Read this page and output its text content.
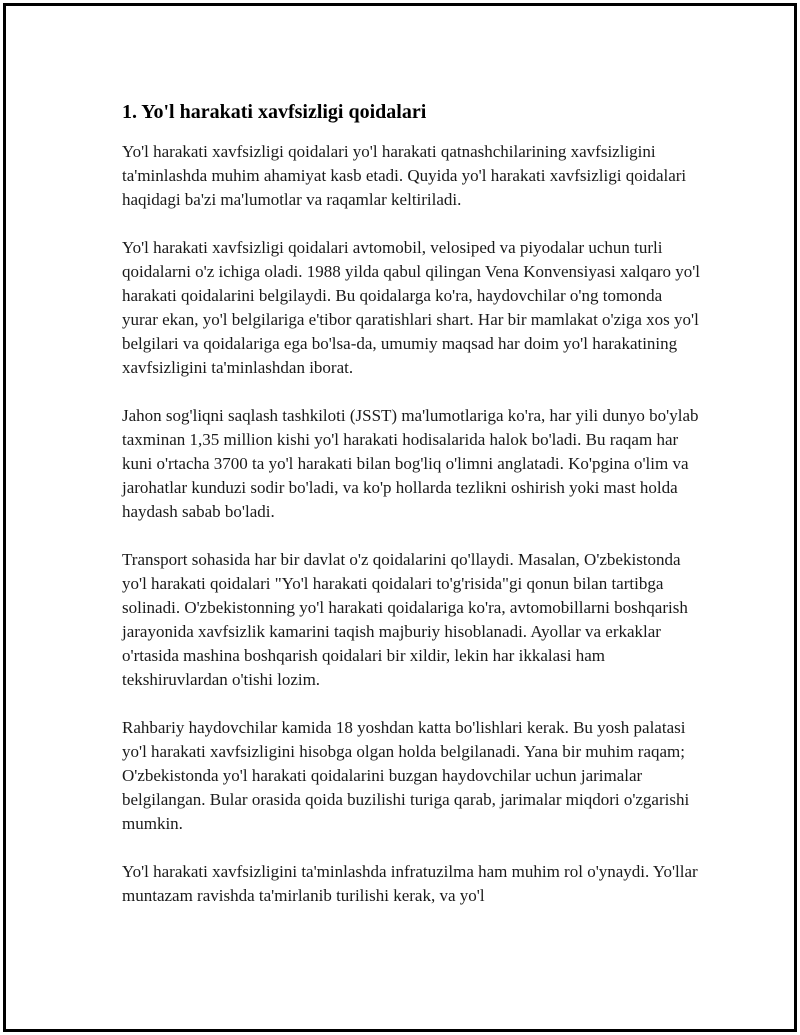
1. Yo'l harakati xavfsizligi qoidalari

Yo'l harakati xavfsizligi qoidalari yo'l harakati qatnashchilarining xavfsizligini ta'minlashda muhim ahamiyat kasb etadi. Quyida yo'l harakati xavfsizligi qoidalari haqidagi ba'zi ma'lumotlar va raqamlar keltiriladi.

Yo'l harakati xavfsizligi qoidalari avtomobil, velosiped va piyodalar uchun turli qoidalarni o'z ichiga oladi. 1988 yilda qabul qilingan Vena Konvensiyasi xalqaro yo'l harakati qoidalarini belgilaydi. Bu qoidalarga ko'ra, haydovchilar o'ng tomonda yurar ekan, yo'l belgilariga e'tibor qaratishlari shart. Har bir mamlakat o'ziga xos yo'l belgilari va qoidalariga ega bo'lsa-da, umumiy maqsad har doim yo'l harakatining xavfsizligini ta'minlashdan iborat.

Jahon sog'liqni saqlash tashkiloti (JSST) ma'lumotlariga ko'ra, har yili dunyo bo'ylab taxminan 1,35 million kishi yo'l harakati hodisalarida halok bo'ladi. Bu raqam har kuni o'rtacha 3700 ta yo'l harakati bilan bog'liq o'limni anglatadi. Ko'pgina o'lim va jarohatlar kunduzi sodir bo'ladi, va ko'p hollarda tezlikni oshirish yoki mast holda haydash sabab bo'ladi.

Transport sohasida har bir davlat o'z qoidalarini qo'llaydi. Masalan, O'zbekistonda yo'l harakati qoidalari "Yo'l harakati qoidalari to'g'risida"gi qonun bilan tartibga solinadi. O'zbekistonning yo'l harakati qoidalariga ko'ra, avtomobillarni boshqarish jarayonida xavfsizlik kamarini taqish majburiy hisoblanadi. Ayollar va erkaklar o'rtasida mashina boshqarish qoidalari bir xildir, lekin har ikkalasi ham tekshiruvlardan o'tishi lozim.

Rahbariy haydovchilar kamida 18 yoshdan katta bo'lishlari kerak. Bu yosh palatasi yo'l harakati xavfsizligini hisobga olgan holda belgilanadi. Yana bir muhim raqam; O'zbekistonda yo'l harakati qoidalarini buzgan haydovchilar uchun jarimalar belgilangan. Bular orasida qoida buzilishi turiga qarab, jarimalar miqdori o'zgarishi mumkin.

Yo'l harakati xavfsizligini ta'minlashda infratuzilma ham muhim rol o'ynaydi. Yo'llar muntazam ravishda ta'mirlanib turilishi kerak, va yo'l
